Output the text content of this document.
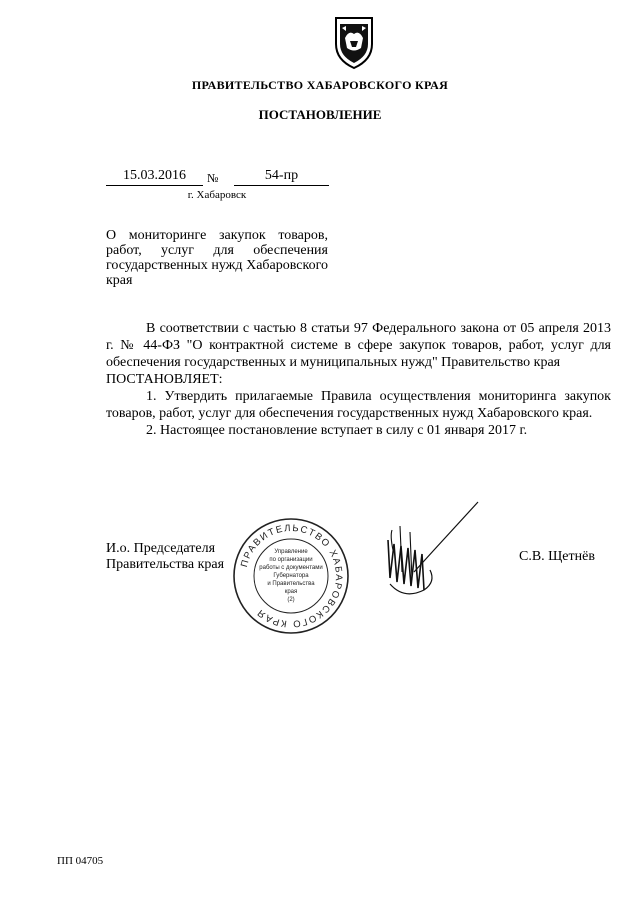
ПРАВИТЕЛЬСТВО ХАБАРОВСКОГО КРАЯ
ПОСТАНОВЛЕНИЕ
15.03.2016	№	54-пр
г. Хабаровск
О мониторинге закупок товаров, работ, услуг для обеспечения государственных нужд Хабаровского края

В соответствии с частью 8 статьи 97 Федерального закона от 05 апреля 2013 г. № 44-ФЗ "О контрактной системе в сфере закупок товаров, работ, услуг для обеспечения государственных и муниципальных нужд" Правительство края

ПОСТАНОВЛЯЕТ:

1. Утвердить прилагаемые Правила осуществления мониторинга закупок товаров, работ, услуг для обеспечения государственных нужд Хабаровского края.

2. Настоящее постановление вступает в силу с 01 января 2017 г.

И.о. Председателя
Правительства края ПРАВИТЕЛЬСТВО ХАБАРОВСКОГО КРАЯ
Управление
по организации
работы с документами
Губернатора
и Правительства
края
(2)
С.В. Щетнёв
ПП 04705
